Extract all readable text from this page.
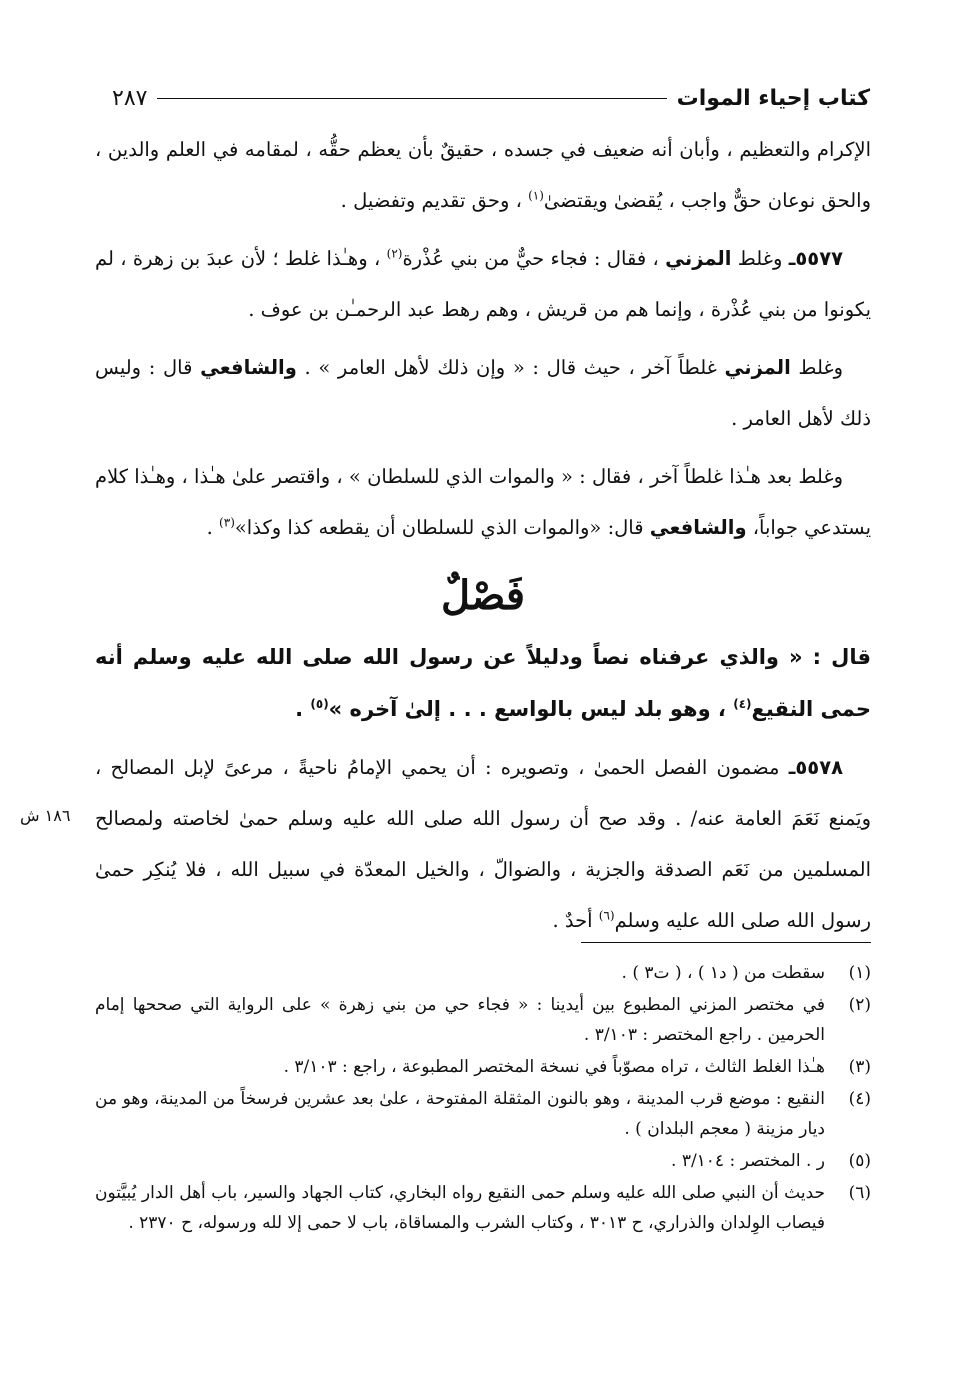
كتاب إحياء الموات
٢٨٧
١٨٦ ش

الإكرام والتعظيم ، وأبان أنه ضعيف في جسده ، حقيقٌ بأن يعظم حقُّه ، لمقامه في العلم والدين ، والحق نوعان حقٌّ واجب ، يُقضىٰ ويقتضىٰ$^{(١)}$ ، وحق تقديم وتفضيل .

٥٥٧٧ـ وغلط المزني ، فقال : فجاء حيٌّ من بني عُذْرة$^{(٢)}$ ، وهـٰذا غلط ؛ لأن عبدَ بن زهرة ، لم يكونوا من بني عُذْرة ، وإنما هم من قريش ، وهم رهط عبد الرحمـٰن بن عوف .

وغلط المزني غلطاً آخر ، حيث قال : « وإن ذلك لأهل العامر » . والشافعي قال : وليس ذلك لأهل العامر .

وغلط بعد هـٰذا غلطاً آخر ، فقال : « والموات الذي للسلطان » ، واقتصر علىٰ هـٰذا ، وهـٰذا كلام يستدعي جواباً، والشافعي قال: «والموات الذي للسلطان أن يقطعه كذا وكذا»$^{(٣)}$ .

فَصْلٌ

قال : « والذي عرفناه نصاً ودليلاً عن رسول الله صلى الله عليه وسلم أنه حمى النقيع$^{(٤)}$ ، وهو بلد ليس بالواسع . . . إلىٰ آخره »$^{(٥)}$ .

٥٥٧٨ـ مضمون الفصل الحمىٰ ، وتصويره : أن يحمي الإمامُ ناحيةً ، مرعىً لإبل المصالح ، ويَمنع نَعَمَ العامة عنه/ . وقد صح أن رسول الله صلى الله عليه وسلم حمىٰ لخاصته ولمصالح المسلمين من نَعَم الصدقة والجزية ، والضوالّ ، والخيل المعدّة في سبيل الله ، فلا يُنكِر حمىٰ رسول الله صلى الله عليه وسلم$^{(٦)}$ أحدٌ .

(١)
سقطت من ( د١ ) ، ( ت٣ ) .
(٢)
في مختصر المزني المطبوع بين أيدينا : « فجاء حي من بني زهرة » على الرواية التي صححها إمام الحرمين . راجع المختصر : ٣/١٠٣ .
(٣)
هـٰذا الغلط الثالث ، تراه مصوّباً في نسخة المختصر المطبوعة ، راجع : ٣/١٠٣ .
(٤)
النقيع : موضع قرب المدينة ، وهو بالنون المثقلة المفتوحة ، علىٰ بعد عشرين فرسخاً من المدينة، وهو من ديار مزينة ( معجم البلدان ) .
(٥)
ر . المختصر : ٣/١٠٤ .
(٦)
حديث أن النبي صلى الله عليه وسلم حمى النقيع رواه البخاري، كتاب الجهاد والسير، باب أهل الدار يُبيَّتون فيصاب الوِلدان والذراري، ح ٣٠١٣ ، وكتاب الشرب والمساقاة، باب لا حمى إلا لله ورسوله، ح ٢٣٧٠ .
